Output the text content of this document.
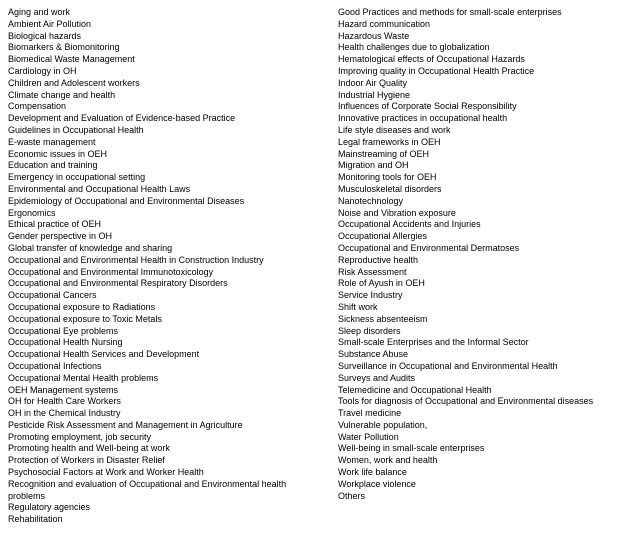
Aging and work
Ambient Air Pollution
Biological hazards
Biomarkers & Biomonitoring
Biomedical Waste Management
Cardiology in OH
Children and Adolescent workers
Climate change and health
Compensation
Development and Evaluation of Evidence-based Practice
Guidelines in Occupational Health
E-waste management
Economic issues in OEH
Education and training
Emergency in occupational setting
Environmental and Occupational Health Laws
Epidemiology of Occupational and Environmental Diseases
Ergonomics
Ethical practice of OEH
Gender perspective in OH
Global transfer of knowledge and sharing
Occupational and Environmental Health in Construction Industry
Occupational and Environmental Immunotoxicology
Occupational and Environmental Respiratory Disorders
Occupational Cancers
Occupational exposure to Radiations
Occupational exposure to Toxic Metals
Occupational Eye problems
Occupational Health Nursing
Occupational Health Services and Development
Occupational Infections
Occupational Mental Health problems
OEH Management systems
OH for Health Care Workers
OH in the Chemical Industry
Pesticide Risk Assessment and Management in Agriculture
Promoting employment, job security
Promoting health and Well-being at work
Protection of Workers in Disaster Relief
Psychosocial Factors at Work and Worker Health
Recognition and evaluation of Occupational and Environmental health problems
Regulatory agencies
Rehabilitation
Good Practices and methods for small-scale enterprises
Hazard communication
Hazardous Waste
Health challenges due to globalization
Hematological effects of Occupational Hazards
Improving quality in Occupational Health Practice
Indoor Air Quality
Industrial Hygiene
Influences of Corporate Social Responsibility
Innovative practices in occupational health
Life style diseases and work
Legal frameworks in OEH
Mainstreaming of OEH
Migration and OH
Monitoring tools for OEH
Musculoskeletal disorders
Nanotechnology
Noise and Vibration exposure
Occupational Accidents and Injuries
Occupational Allergies
Occupational and Environmental Dermatoses
Reproductive health
Risk Assessment
Role of Ayush in OEH
Service Industry
Shift work
Sickness absenteeism
Sleep disorders
Small-scale Enterprises and the Informal Sector
Substance Abuse
Surveillance in Occupational and Environmental Health
Surveys and Audits
Telemedicine and Occupational Health
Tools for diagnosis of Occupational and Environmental diseases
Travel medicine
Vulnerable population,
Water Pollution
Well-being in small-scale enterprises
Women, work and health
Work life balance
Workplace violence
Others
